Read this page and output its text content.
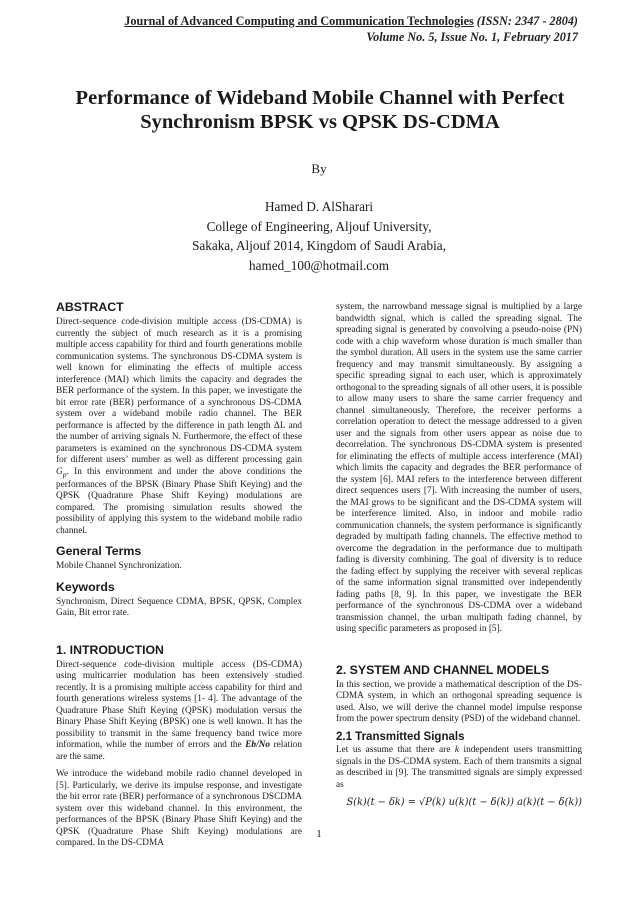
Journal of Advanced Computing and Communication Technologies (ISSN: 2347 - 2804)
Volume No. 5, Issue No. 1, February 2017
Performance of Wideband Mobile Channel with Perfect
Synchronism BPSK vs QPSK DS-CDMA
By
Hamed D. AlSharari
College of Engineering, Aljouf University,
Sakaka, Aljouf 2014, Kingdom of Saudi Arabia,
hamed_100@hotmail.com
ABSTRACT

Direct-sequence code-division multiple access (DS-CDMA) is currently the subject of much research as it is a promising multiple access capability for third and fourth generations mobile communication systems. The synchronous DS-CDMA system is well known for eliminating the effects of multiple access interference (MAI) which limits the capacity and degrades the BER performance of the system. In this paper, we investigate the bit error rate (BER) performance of a synchronous DS-CDMA system over a wideband mobile radio channel. The BER performance is affected by the difference in path length ΔL and the number of arriving signals N. Furthermore, the effect of these parameters is examined on the synchronous DS-CDMA system for different users’ number as well as different processing gain $G_p$. In this environment and under the above conditions the performances of the BPSK (Binary Phase Shift Keying) and the QPSK (Quadrature Phase Shift Keying) modulations are compared. The promising simulation results showed the possibility of applying this system to the wideband mobile radio channel.

General Terms

Mobile Channel Synchronization.

Keywords

Synchronism, Direct Sequence CDMA, BPSK, QPSK, Complex Gain, Bit error rate.

1. INTRODUCTION

Direct-sequence code-division multiple access (DS-CDMA) using multicarrier modulation has been extensively studied recently. It is a promising multiple access capability for third and fourth generations wireless systems [1- 4]. The advantage of the Quadrature Phase Shift Keying (QPSK) modulation versus the Binary Phase Shift Keying (BPSK) one is well known. It has the possibility to transmit in the same frequency band twice more information, while the number of errors and the Eb/No relation are the same.

We introduce the wideband mobile radio channel developed in [5]. Particularly, we derive its impulse response, and investigate the bit error rate (BER) performance of a synchronous DSCDMA system over this wideband channel. In this environment, the performances of the BPSK (Binary Phase Shift Keying) and the QPSK (Quadrature Phase Shift Keying) modulations are compared. In the DS-CDMA

system, the narrowband message signal is multiplied by a large bandwidth signal, which is called the spreading signal. The spreading signal is generated by convolving a pseudo-noise (PN) code with a chip waveform whose duration is much smaller than the symbol duration. All users in the system use the same carrier frequency and may transmit simultaneously. By assigning a specific spreading signal to each user, which is approximately orthogonal to the spreading signals of all other users, it is possible to allow many users to share the same carrier frequency and channel simultaneously. Therefore, the receiver performs a correlation operation to detect the message addressed to a given user and the signals from other users appear as noise due to decorrelation. The synchronous DS-CDMA system is presented for eliminating the effects of multiple access interference (MAI) which limits the capacity and degrades the BER performance of the system [6]. MAI refers to the interference between different direct sequences users [7]. With increasing the number of users, the MAI grows to be significant and the DS-CDMA system will be interference limited. Also, in indoor and mobile radio communication channels, the system performance is significantly degraded by multipath fading channels. The effective method to overcome the degradation in the performance due to multipath fading is diversity combining. The goal of diversity is to reduce the fading effect by supplying the receiver with several replicas of the same information signal transmitted over independently fading paths [8, 9]. In this paper, we investigate the BER performance of the synchronous DS-CDMA over a wideband transmission channel, the urban multipath fading channel, by using specific parameters as proposed in [5].

2. SYSTEM AND CHANNEL MODELS

In this section, we provide a mathematical description of the DS-CDMA system, in which an orthogonal spreading sequence is used. Also, we will derive the channel model impulse response from the power spectrum density (PSD) of the wideband channel.

2.1 Transmitted Signals

Let us assume that there are k independent users transmitting signals in the DS-CDMA system. Each of them transmits a signal as described in [9]. The transmitted signals are simply expressed as

S(k)(t − δk) = √P(k) u(k)(t − δ(k)) a(k)(t − δ(k))
1
